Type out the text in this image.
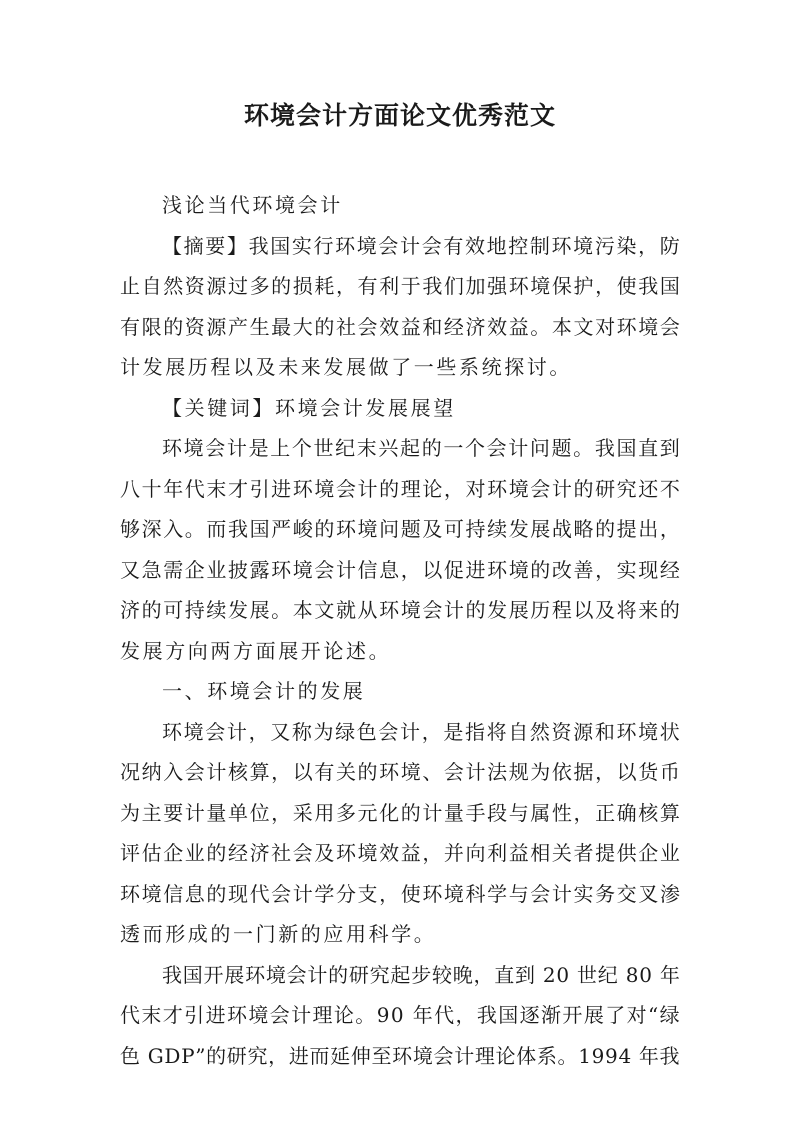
环境会计方面论文优秀范文
浅论当代环境会计
【 摘 要 】 我 国 实 行 环 境 会 计 会 有 效 地 控 制 环 境 污 染 ， 防
止 自 然 资 源 过 多 的 损 耗 ， 有 利 于 我 们 加 强 环 境 保 护 ， 使 我 国
有 限 的 资 源 产 生 最 大 的 社 会 效 益 和 经 济 效 益 。 本 文 对 环 境 会
计发展历程以及未来发展做了一些系统探讨。
【关键词】环境会计发展展望
环 境 会 计 是 上 个 世 纪 末 兴 起 的 一 个 会 计 问 题 。 我 国 直 到
八 十 年 代 末 才 引 进 环 境 会 计 的 理 论 ， 对 环 境 会 计 的 研 究 还 不
够 深 入 。 而 我 国 严 峻 的 环 境 问 题 及 可 持 续 发 展 战 略 的 提 出 ，
又 急 需 企 业 披 露 环 境 会 计 信 息 ， 以 促 进 环 境 的 改 善 ， 实 现 经
济 的 可 持 续 发 展 。 本 文 就 从 环 境 会 计 的 发 展 历 程 以 及 将 来 的
发展方向两方面展开论述。
一、环境会计的发展
环 境 会 计 ， 又 称 为 绿 色 会 计 ， 是 指 将 自 然 资 源 和 环 境 状
况 纳 入 会 计 核 算 ， 以 有 关 的 环 境 、 会 计 法 规 为 依 据 ， 以 货 币
为 主 要 计 量 单 位 ， 采 用 多 元 化 的 计 量 手 段 与 属 性 ， 正 确 核 算
评 估 企 业 的 经 济 社 会 及 环 境 效 益 ， 并 向 利 益 相 关 者 提 供 企 业
环 境 信 息 的 现 代 会 计 学 分 支 ， 使 环 境 科 学 与 会 计 实 务 交 叉 渗
透而形成的一门新的应用科学。
我 国 开 展 环 境 会 计 的 研 究 起 步 较 晚 ， 直 到
2 0
世 纪
8 0
年
代 末 才 引 进 环 境 会 计 理 论 。 9 0
年 代 ， 我 国 逐 渐 开 展 了 对 “ 绿
色
G D P ” 的 研 究 ， 进 而 延 伸 至 环 境 会 计 理 论 体 系 。 1 9 9 4
年 我
